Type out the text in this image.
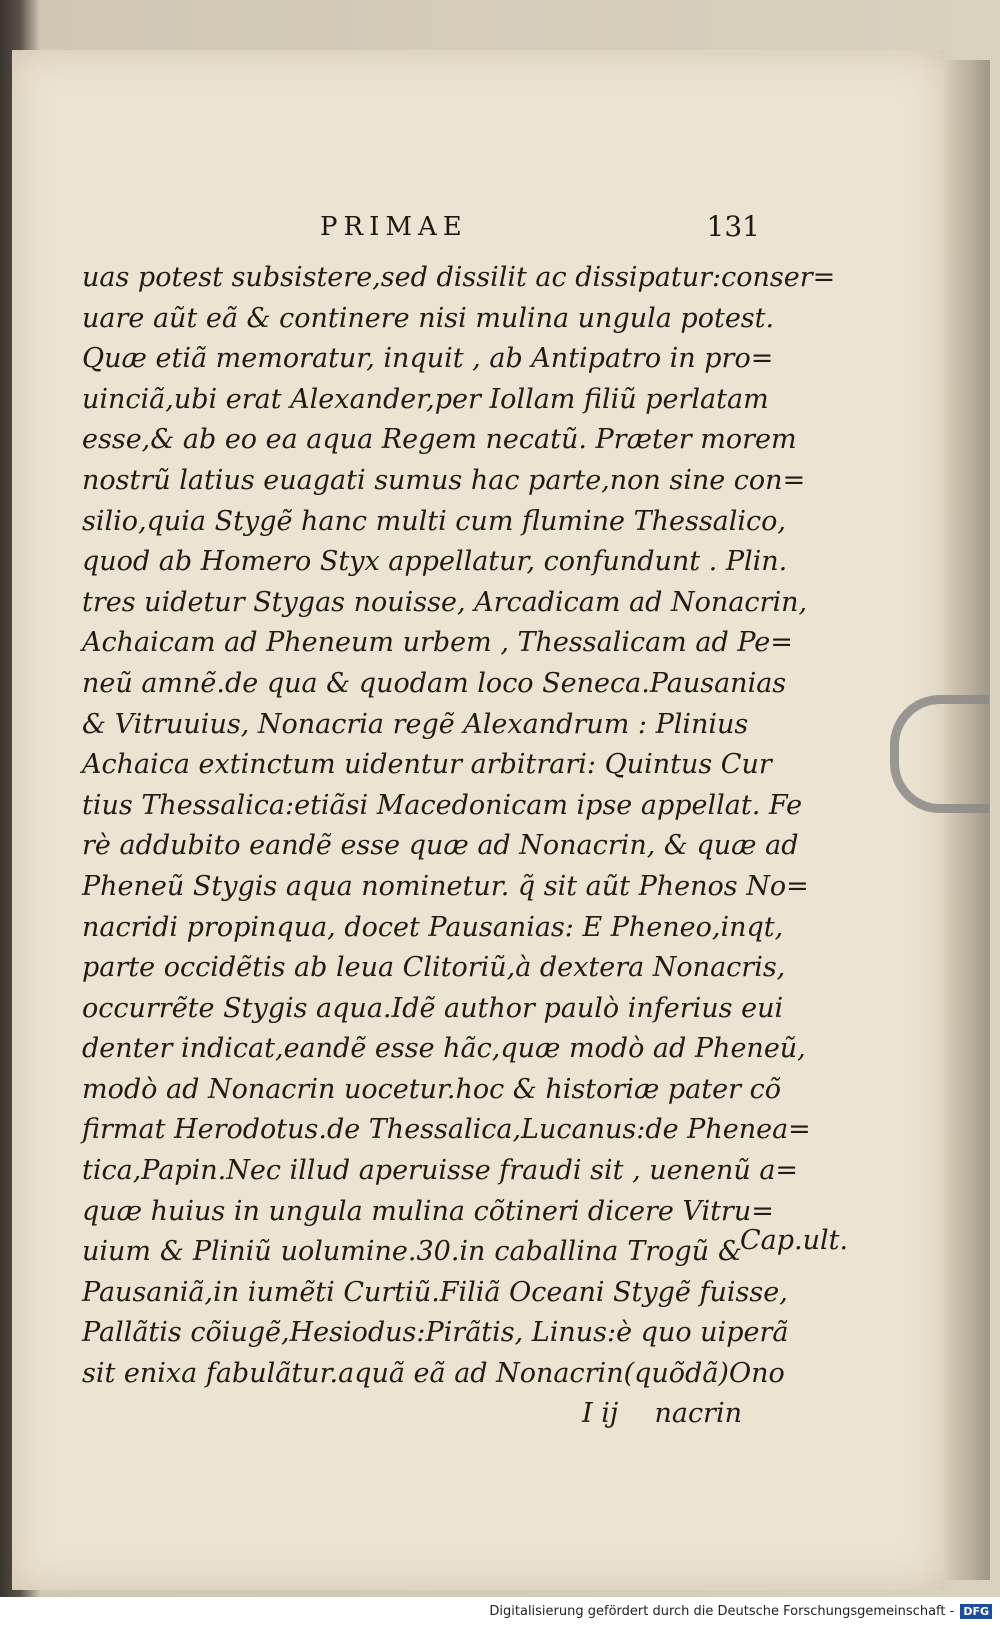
PRIMAE	131
uas potest subsistere,sed dissilit ac dissipatur:conser=
uare aũt eã & continere nisi mulina ungula potest.
Quæ etiã memoratur, inquit , ab Antipatro in pro=
uinciã,ubi erat Alexander,per Iollam filiũ perlatam
esse,& ab eo ea aqua Regem necatũ. Præter morem
nostrũ latius euagati sumus hac parte,non sine con=
silio,quia Stygẽ hanc multi cum flumine Thessalico,
quod ab Homero Styx appellatur, confundunt . Plin.
tres uidetur Stygas nouisse, Arcadicam ad Nonacrin,
Achaicam ad Pheneum urbem , Thessalicam ad Pe=
neũ amnẽ.de qua & quodam loco Seneca.Pausanias
& Vitruuius, Nonacria regẽ Alexandrum : Plinius
Achaica extinctum uidentur arbitrari: Quintus Cur
tius Thessalica:etiãsi Macedonicam ipse appellat. Fe
rè addubito eandẽ esse quæ ad Nonacrin, & quæ ad
Pheneũ Stygis aqua nominetur. q̃ sit aũt Phenos No=
nacridi propinqua, docet Pausanias: E Pheneo,inqt,
parte occidẽtis ab leua Clitoriũ,à dextera Nonacris,
occurrẽte Stygis aqua.Idẽ author paulò inferius eui
denter indicat,eandẽ esse hãc,quæ modò ad Pheneũ,
modò ad Nonacrin uocetur.hoc & historiæ pater cõ
firmat Herodotus.de Thessalica,Lucanus:de Phenea=
tica,Papin.Nec illud aperuisse fraudi sit , uenenũ a=
quæ huius in ungula mulina cõtineri dicere Vitru=
uium & Pliniũ uolumine.30.in caballina Trogũ &
Pausaniã,in iumẽti Curtiũ.Filiã Oceani Stygẽ fuisse,
Pallãtis cõiugẽ,Hesiodus:Pirãtis, Linus:è quo uiperã
sit enixa fabulãtur.aquã eã ad Nonacrin(quõdã)Ono
Cap.ult.
I ij nacrin
Digitalisierung gefördert durch die Deutsche Forschungsgemeinschaft - DFG
